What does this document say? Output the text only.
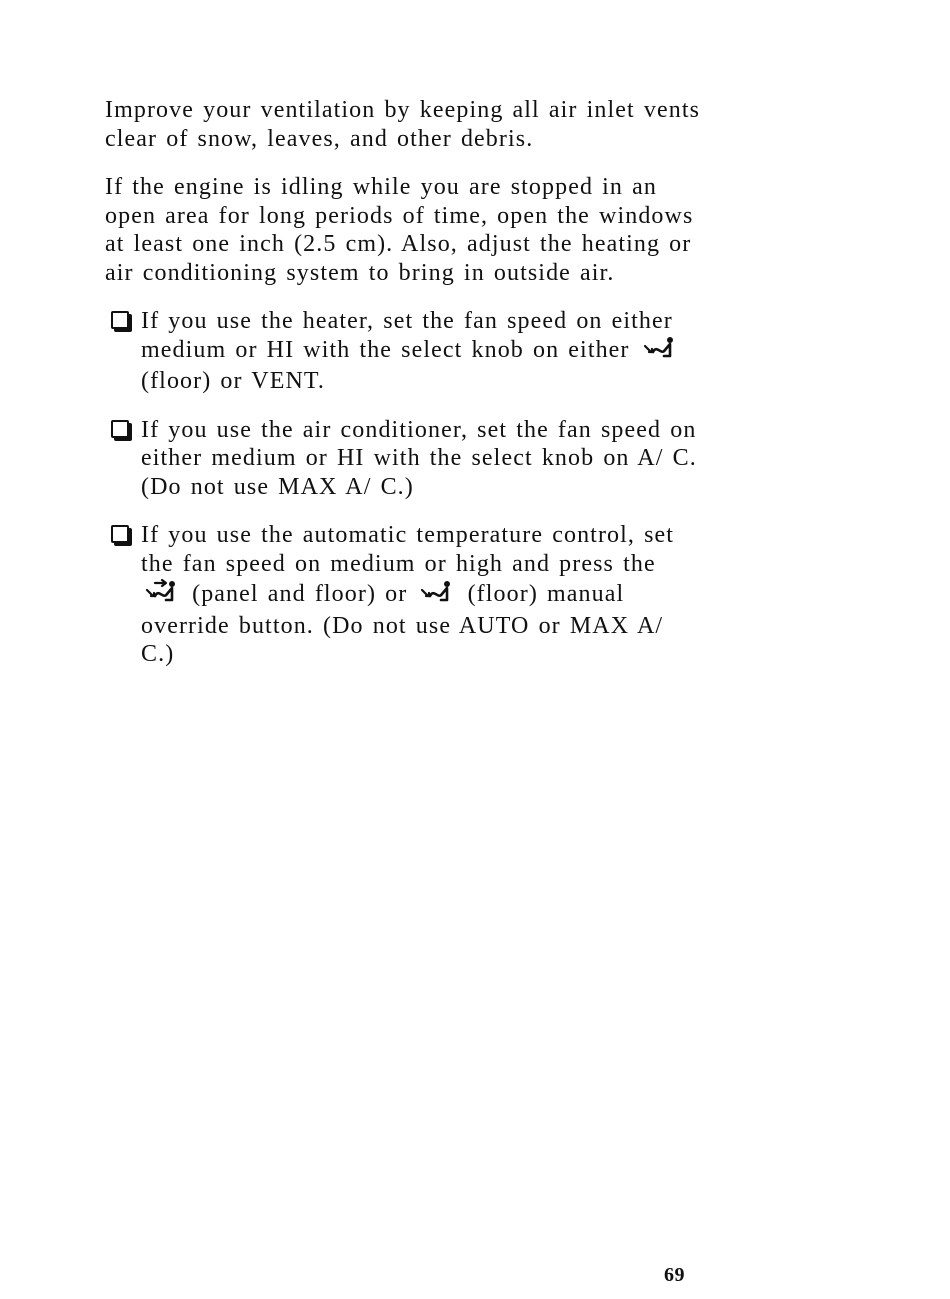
Improve your ventilation by keeping all air inlet vents clear of snow, leaves, and other debris.

If the engine is idling while you are stopped in an open area for long periods of time, open the windows at least one inch (2.5 cm). Also, adjust the heating or air conditioning system to bring in outside air.

If you use the heater, set the fan speed on either medium or HI with the select knob on either  (floor) or VENT.
If you use the air conditioner, set the fan speed on either medium or HI with the select knob on A/ C. (Do not use MAX A/ C.)
If you use the automatic temperature control, set the fan speed on medium or high and press the  (panel and floor) or	(floor) manual override button. (Do not use AUTO or MAX A/ C.)
69
